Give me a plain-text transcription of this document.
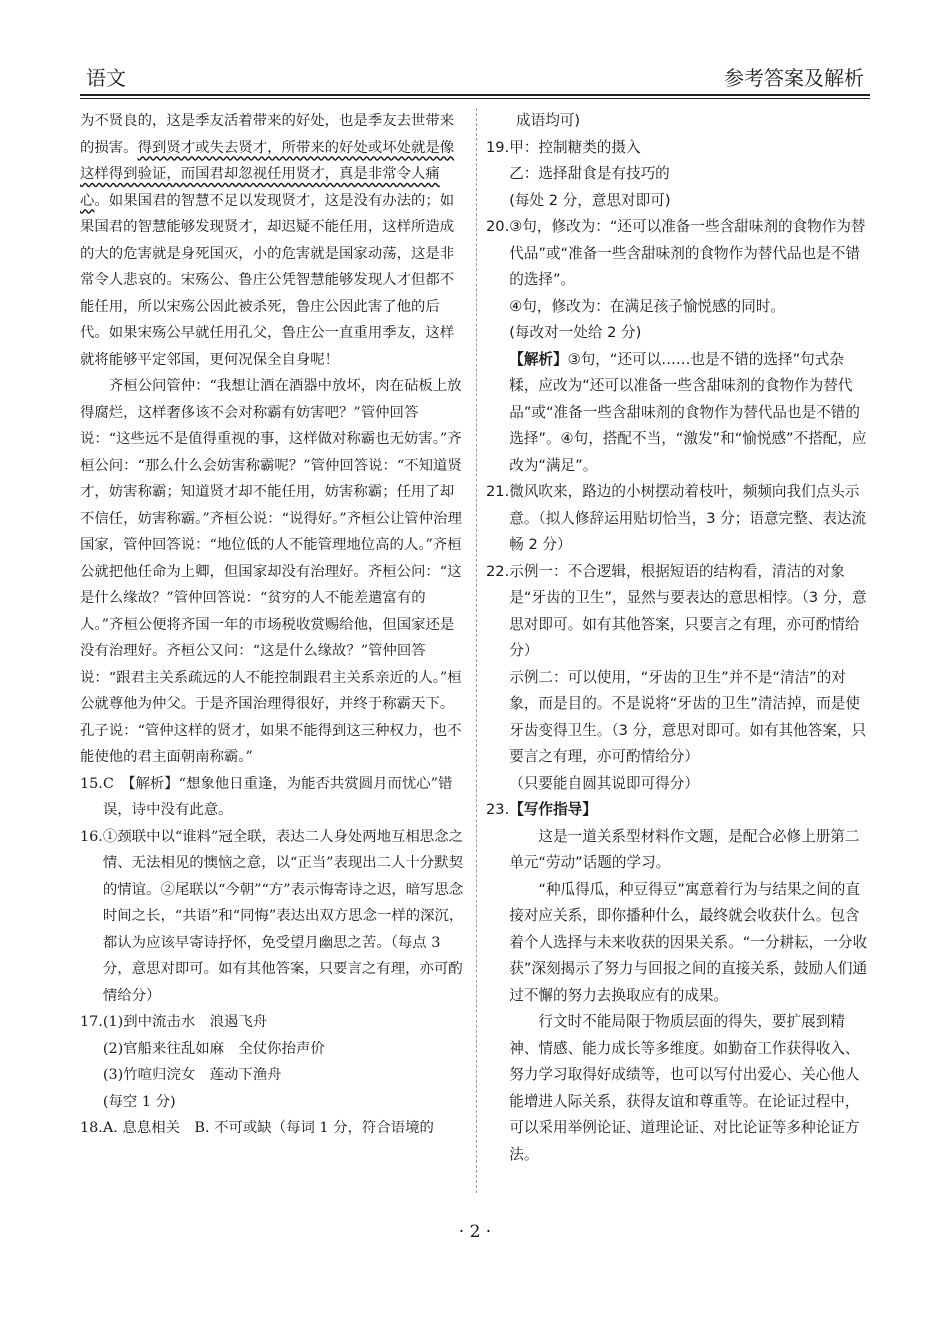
语文	参考答案及解析

为不贤良的，这是季友活着带来的好处，也是季友去世带来的损害。得到贤才或失去贤才，所带来的好处或坏处就是像这样得到验证，而国君却忽视任用贤才，真是非常令人痛心。如果国君的智慧不足以发现贤才，这是没有办法的；如果国君的智慧能够发现贤才，却迟疑不能任用，这样所造成的大的危害就是身死国灭，小的危害就是国家动荡，这是非常令人悲哀的。宋殇公、鲁庄公凭智慧能够发现人才但都不能任用，所以宋殇公因此被杀死，鲁庄公因此害了他的后代。如果宋殇公早就任用孔父，鲁庄公一直重用季友，这样就将能够平定邻国，更何况保全自身呢！

齐桓公问管仲：“我想让酒在酒器中放坏，肉在砧板上放得腐烂，这样奢侈该不会对称霸有妨害吧？”管仲回答说：“这些远不是值得重视的事，这样做对称霸也无妨害。”齐桓公问：“那么什么会妨害称霸呢？”管仲回答说：“不知道贤才，妨害称霸；知道贤才却不能任用，妨害称霸；任用了却不信任，妨害称霸。”齐桓公说：“说得好。”齐桓公让管仲治理国家，管仲回答说：“地位低的人不能管理地位高的人。”齐桓公就把他任命为上卿，但国家却没有治理好。齐桓公问：“这是什么缘故？”管仲回答说：“贫穷的人不能差遣富有的人。”齐桓公便将齐国一年的市场税收赏赐给他，但国家还是没有治理好。齐桓公又问：“这是什么缘故？”管仲回答说：“跟君主关系疏远的人不能控制跟君主关系亲近的人。”桓公就尊他为仲父。于是齐国治理得很好，并终于称霸天下。孔子说：“管仲这样的贤才，如果不能得到这三种权力，也不能使他的君主面朝南称霸。”

15. C　【解析】“想象他日重逢，为能否共赏圆月而忧心”错误，诗中没有此意。
16. ①颈联中以“谁料”冠全联，表达二人身处两地互相思念之情、无法相见的懊恼之意，以“正当”表现出二人十分默契的情谊。②尾联以“今朝”“方”表示悔寄诗之迟，暗写思念时间之长，“共语”和“同悔”表达出双方思念一样的深沉，都认为应该早寄诗抒怀，免受望月幽思之苦。（每点 3 分，意思对即可。如有其他答案，只要言之有理，亦可酌情给分）
17. (1)到中流击水　浪遏飞舟

(2)官船来往乱如麻　全仗你抬声价

(3)竹喧归浣女　莲动下渔舟

(每空 1 分)

18. A. 息息相关　B. 不可或缺（每词 1 分，符合语境的

成语均可)

19. 甲：控制糖类的摄入

乙：选择甜食是有技巧的

(每处 2 分，意思对即可)

20. ③句，修改为：“还可以准备一些含甜味剂的食物作为替代品”或“准备一些含甜味剂的食物作为替代品也是不错的选择”。

④句，修改为：在满足孩子愉悦感的同时。

(每改对一处给 2 分)

【解析】③句，“还可以……也是不错的选择”句式杂糅，应改为“还可以准备一些含甜味剂的食物作为替代品”或“准备一些含甜味剂的食物作为替代品也是不错的选择”。④句，搭配不当，“激发”和“愉悦感”不搭配，应改为“满足”。

21. 微风吹来，路边的小树摆动着枝叶，频频向我们点头示意。（拟人修辞运用贴切恰当，3 分；语意完整、表达流畅 2 分）
22. 示例一：不合逻辑，根据短语的结构看，清洁的对象是“牙齿的卫生”，显然与要表达的意思相悖。（3 分，意思对即可。如有其他答案，只要言之有理，亦可酌情给分）

示例二：可以使用，“牙齿的卫生”并不是“清洁”的对象，而是目的。不是说将“牙齿的卫生”清洁掉，而是使牙齿变得卫生。（3 分，意思对即可。如有其他答案，只要言之有理，亦可酌情给分）

（只要能自圆其说即可得分）

23. 【写作指导】

这是一道关系型材料作文题，是配合必修上册第二单元“劳动”话题的学习。

“种瓜得瓜，种豆得豆”寓意着行为与结果之间的直接对应关系，即你播种什么，最终就会收获什么。包含着个人选择与未来收获的因果关系。“一分耕耘，一分收获”深刻揭示了努力与回报之间的直接关系，鼓励人们通过不懈的努力去换取应有的成果。

行文时不能局限于物质层面的得失，要扩展到精神、情感、能力成长等多维度。如勤奋工作获得收入、努力学习取得好成绩等，也可以写付出爱心、关心他人能增进人际关系，获得友谊和尊重等。在论证过程中，可以采用举例论证、道理论证、对比论证等多种论证方法。

· 2 ·
